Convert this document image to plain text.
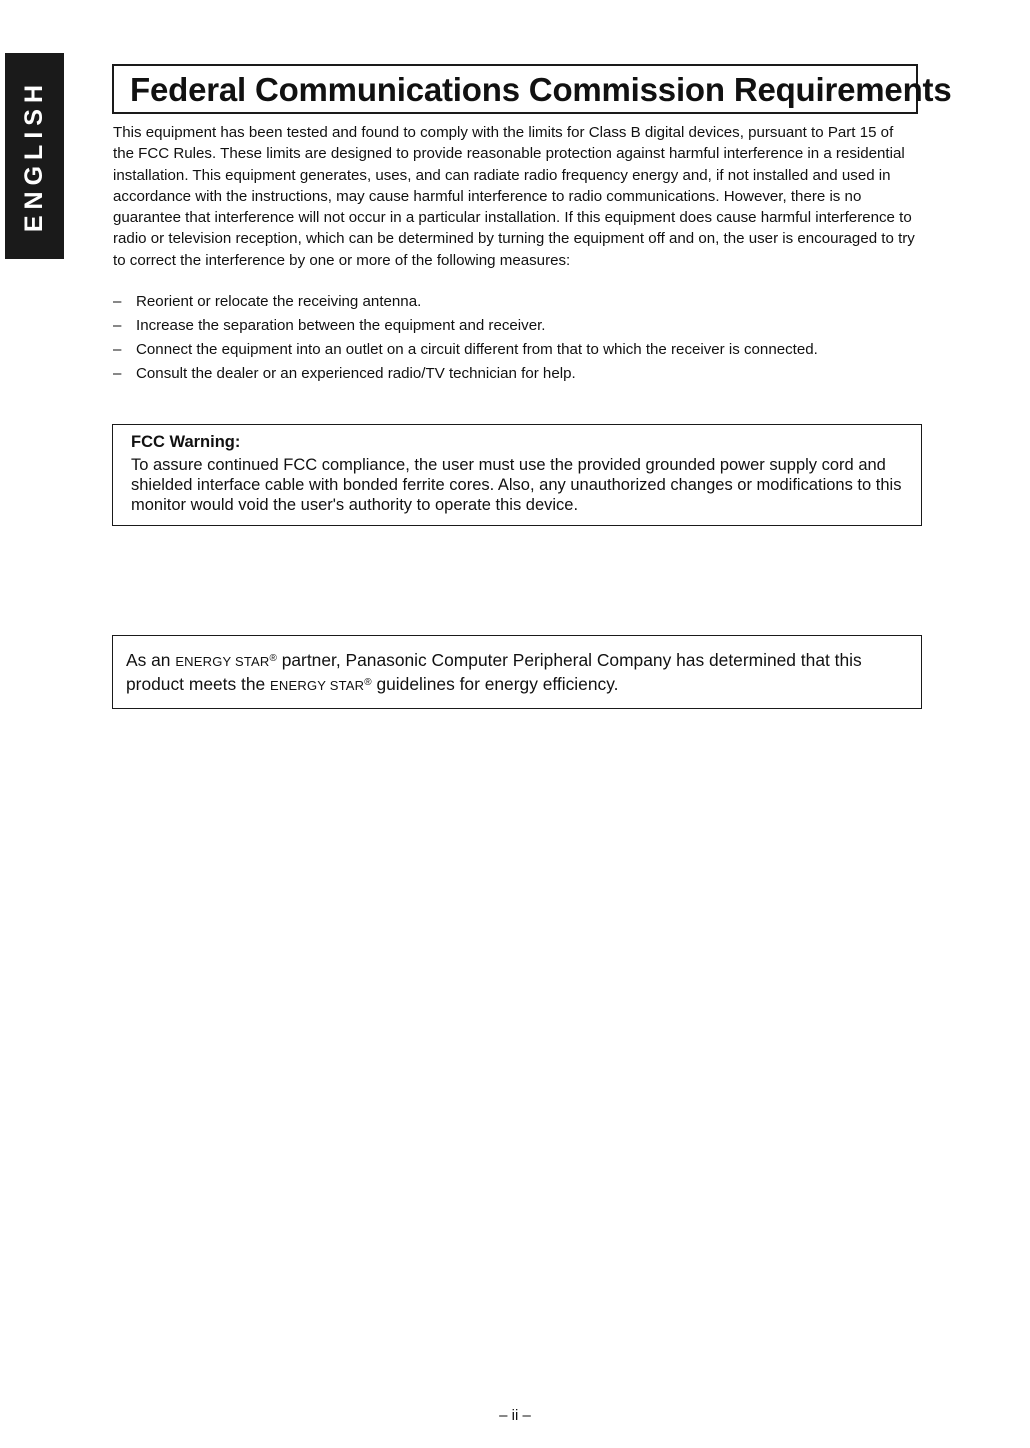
ENGLISH	Federal Communications Commission Requirements

This equipment has been tested and found to comply with the limits for Class B digital devices, pursuant to Part 15 of the FCC Rules. These limits are designed to provide reasonable protection against harmful interference in a residential installation. This equipment generates, uses, and can radiate radio frequency energy and, if not installed and used in accordance with the instructions, may cause harmful interference to radio communications. However, there is no guarantee that interference will not occur in a particular installation. If this equipment does cause harmful interference to radio or television reception, which can be determined by turning the equipment off and on, the user is encouraged to try to correct the interference by one or more of the following measures:

– Reorient or relocate the receiving antenna.
– Increase the separation between the equipment and receiver.
– Connect the equipment into an outlet on a circuit different from that to which the receiver is connected.
– Consult the dealer or an experienced radio/TV technician for help.

FCC Warning:

To assure continued FCC compliance, the user must use the provided grounded power supply cord and shielded interface cable with bonded ferrite cores. Also, any unauthorized changes or modifications to this monitor would void the user's authority to operate this device.

As an ENERGY STAR® partner, Panasonic Computer Peripheral Company has determined that this product meets the ENERGY STAR® guidelines for energy efficiency.

– ii –
